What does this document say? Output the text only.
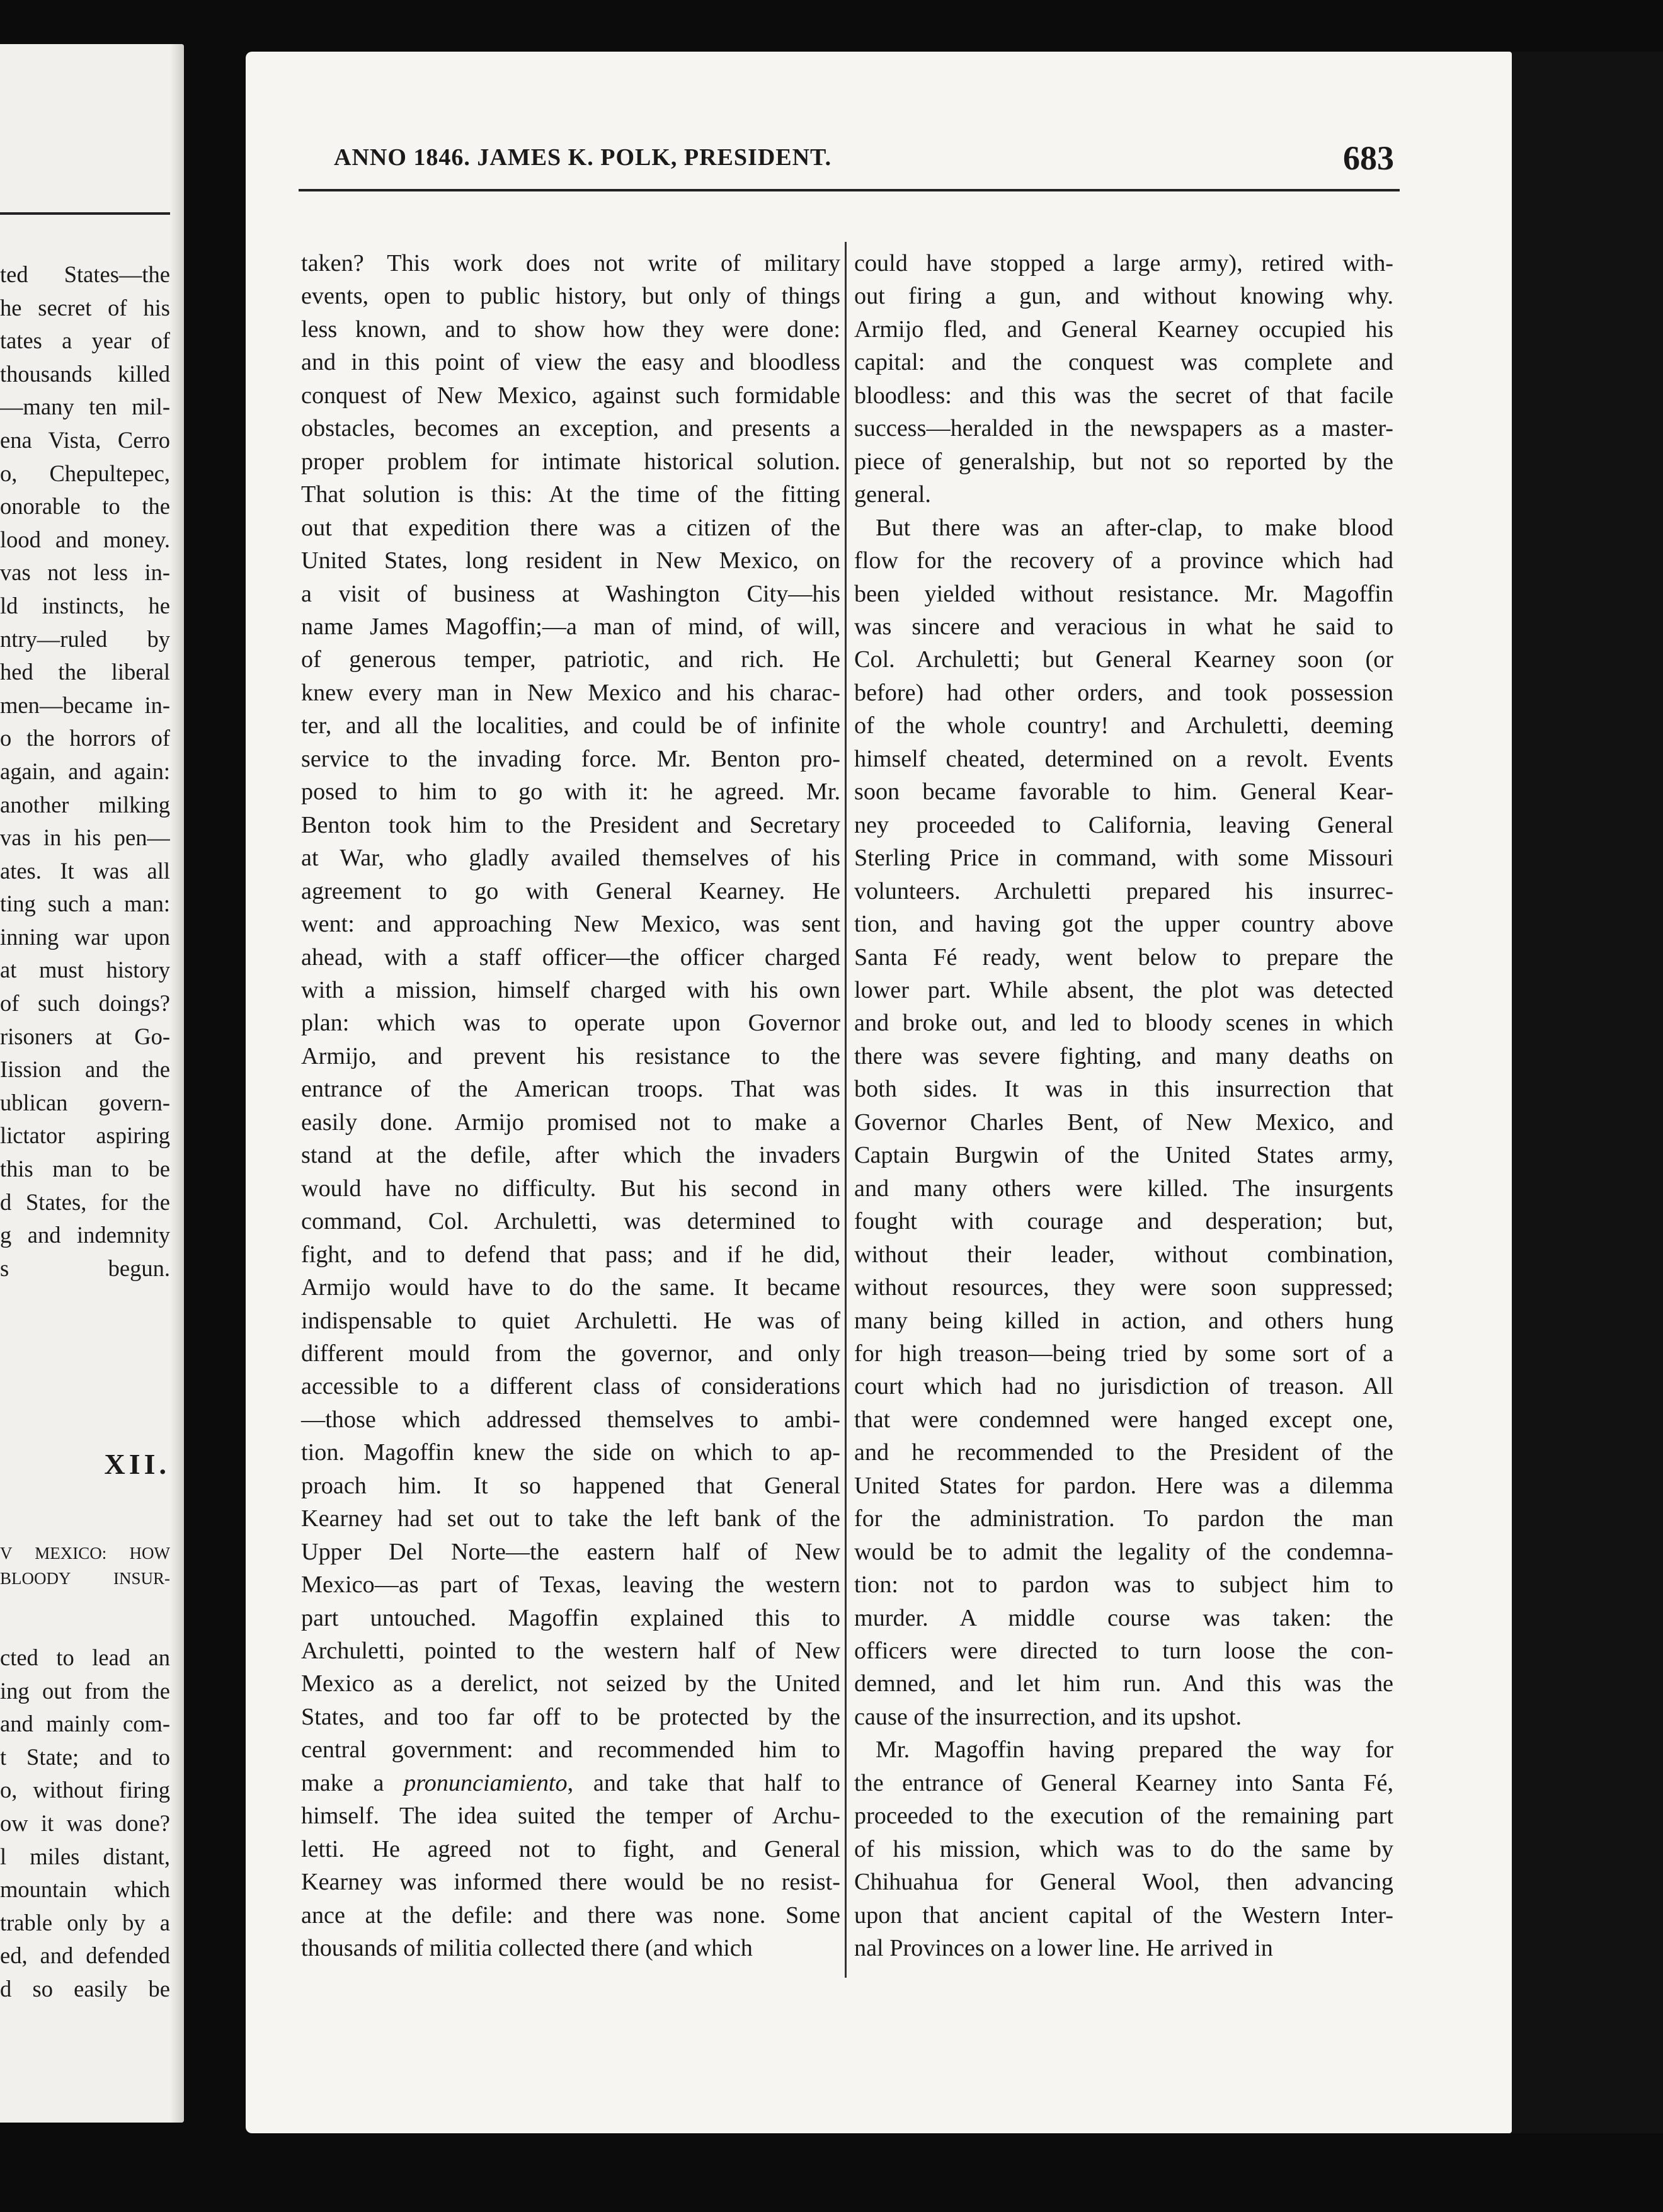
ted States—the
he secret of his
tates a year of
thousands killed
—many ten mil-
ena Vista, Cerro
o, Chepultepec,
onorable to the
lood and money.
vas not less in-
ld instincts, he
ntry—ruled by
hed the liberal
men—became in-
o the horrors of
again, and again:
another milking
vas in his pen—
ates. It was all
ting such a man:
inning war upon
at must history
of such doings?
risoners at Go-
Iission and the
ublican govern-
lictator aspiring
this man to be
d States, for the
g and indemnity
s begun.
XII.
V MEXICO: HOW
BLOODY INSUR-
cted to lead an
ing out from the
and mainly com-
t State; and to
o, without firing
ow it was done?
l miles distant,
mountain which
trable only by a
ed, and defended
d so easily be
ANNO 1846. JAMES K. POLK, PRESIDENT.	683
taken? This work does not write of military
events, open to public history, but only of things
less known, and to show how they were done:
and in this point of view the easy and bloodless
conquest of New Mexico, against such formidable
obstacles, becomes an exception, and presents a
proper problem for intimate historical solution.
That solution is this: At the time of the fitting
out that expedition there was a citizen of the
United States, long resident in New Mexico, on
a visit of business at Washington City—his
name James Magoffin;—a man of mind, of will,
of generous temper, patriotic, and rich. He
knew every man in New Mexico and his charac-
ter, and all the localities, and could be of infinite
service to the invading force. Mr. Benton pro-
posed to him to go with it: he agreed. Mr.
Benton took him to the President and Secretary
at War, who gladly availed themselves of his
agreement to go with General Kearney. He
went: and approaching New Mexico, was sent
ahead, with a staff officer—the officer charged
with a mission, himself charged with his own
plan: which was to operate upon Governor
Armijo, and prevent his resistance to the
entrance of the American troops. That was
easily done. Armijo promised not to make a
stand at the defile, after which the invaders
would have no difficulty. But his second in
command, Col. Archuletti, was determined to
fight, and to defend that pass; and if he did,
Armijo would have to do the same. It became
indispensable to quiet Archuletti. He was of
different mould from the governor, and only
accessible to a different class of considerations
—those which addressed themselves to ambi-
tion. Magoffin knew the side on which to ap-
proach him. It so happened that General
Kearney had set out to take the left bank of the
Upper Del Norte—the eastern half of New
Mexico—as part of Texas, leaving the western
part untouched. Magoffin explained this to
Archuletti, pointed to the western half of New
Mexico as a derelict, not seized by the United
States, and too far off to be protected by the
central government: and recommended him to
make a pronunciamiento, and take that half to
himself. The idea suited the temper of Archu-
letti. He agreed not to fight, and General
Kearney was informed there would be no resist-
ance at the defile: and there was none. Some
thousands of militia collected there (and which
could have stopped a large army), retired with-
out firing a gun, and without knowing why.
Armijo fled, and General Kearney occupied his
capital: and the conquest was complete and
bloodless: and this was the secret of that facile
success—heralded in the newspapers as a master-
piece of generalship, but not so reported by the
general.
But there was an after-clap, to make blood
flow for the recovery of a province which had
been yielded without resistance. Mr. Magoffin
was sincere and veracious in what he said to
Col. Archuletti; but General Kearney soon (or
before) had other orders, and took possession
of the whole country! and Archuletti, deeming
himself cheated, determined on a revolt. Events
soon became favorable to him. General Kear-
ney proceeded to California, leaving General
Sterling Price in command, with some Missouri
volunteers. Archuletti prepared his insurrec-
tion, and having got the upper country above
Santa Fé ready, went below to prepare the
lower part. While absent, the plot was detected
and broke out, and led to bloody scenes in which
there was severe fighting, and many deaths on
both sides. It was in this insurrection that
Governor Charles Bent, of New Mexico, and
Captain Burgwin of the United States army,
and many others were killed. The insurgents
fought with courage and desperation; but,
without their leader, without combination,
without resources, they were soon suppressed;
many being killed in action, and others hung
for high treason—being tried by some sort of a
court which had no jurisdiction of treason. All
that were condemned were hanged except one,
and he recommended to the President of the
United States for pardon. Here was a dilemma
for the administration. To pardon the man
would be to admit the legality of the condemna-
tion: not to pardon was to subject him to
murder. A middle course was taken: the
officers were directed to turn loose the con-
demned, and let him run. And this was the
cause of the insurrection, and its upshot.
Mr. Magoffin having prepared the way for
the entrance of General Kearney into Santa Fé,
proceeded to the execution of the remaining part
of his mission, which was to do the same by
Chihuahua for General Wool, then advancing
upon that ancient capital of the Western Inter-
nal Provinces on a lower line. He arrived in
